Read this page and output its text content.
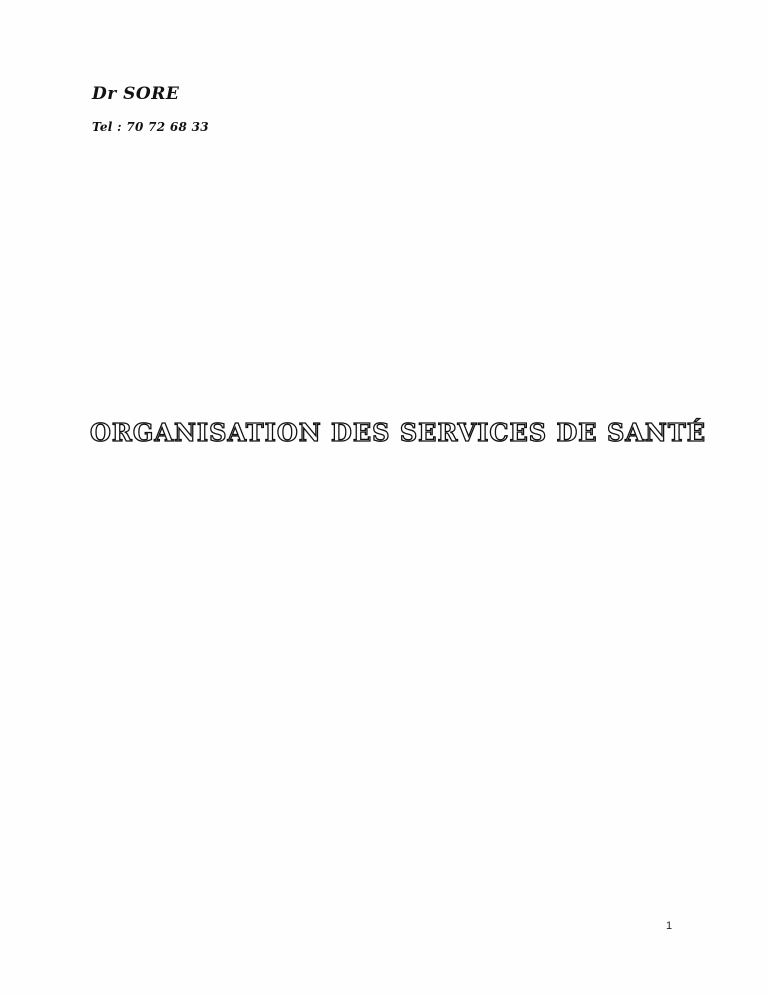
Dr SORE
Tel : 70 72 68 33
ORGANISATION DES SERVICES DE SANTÉ
1
